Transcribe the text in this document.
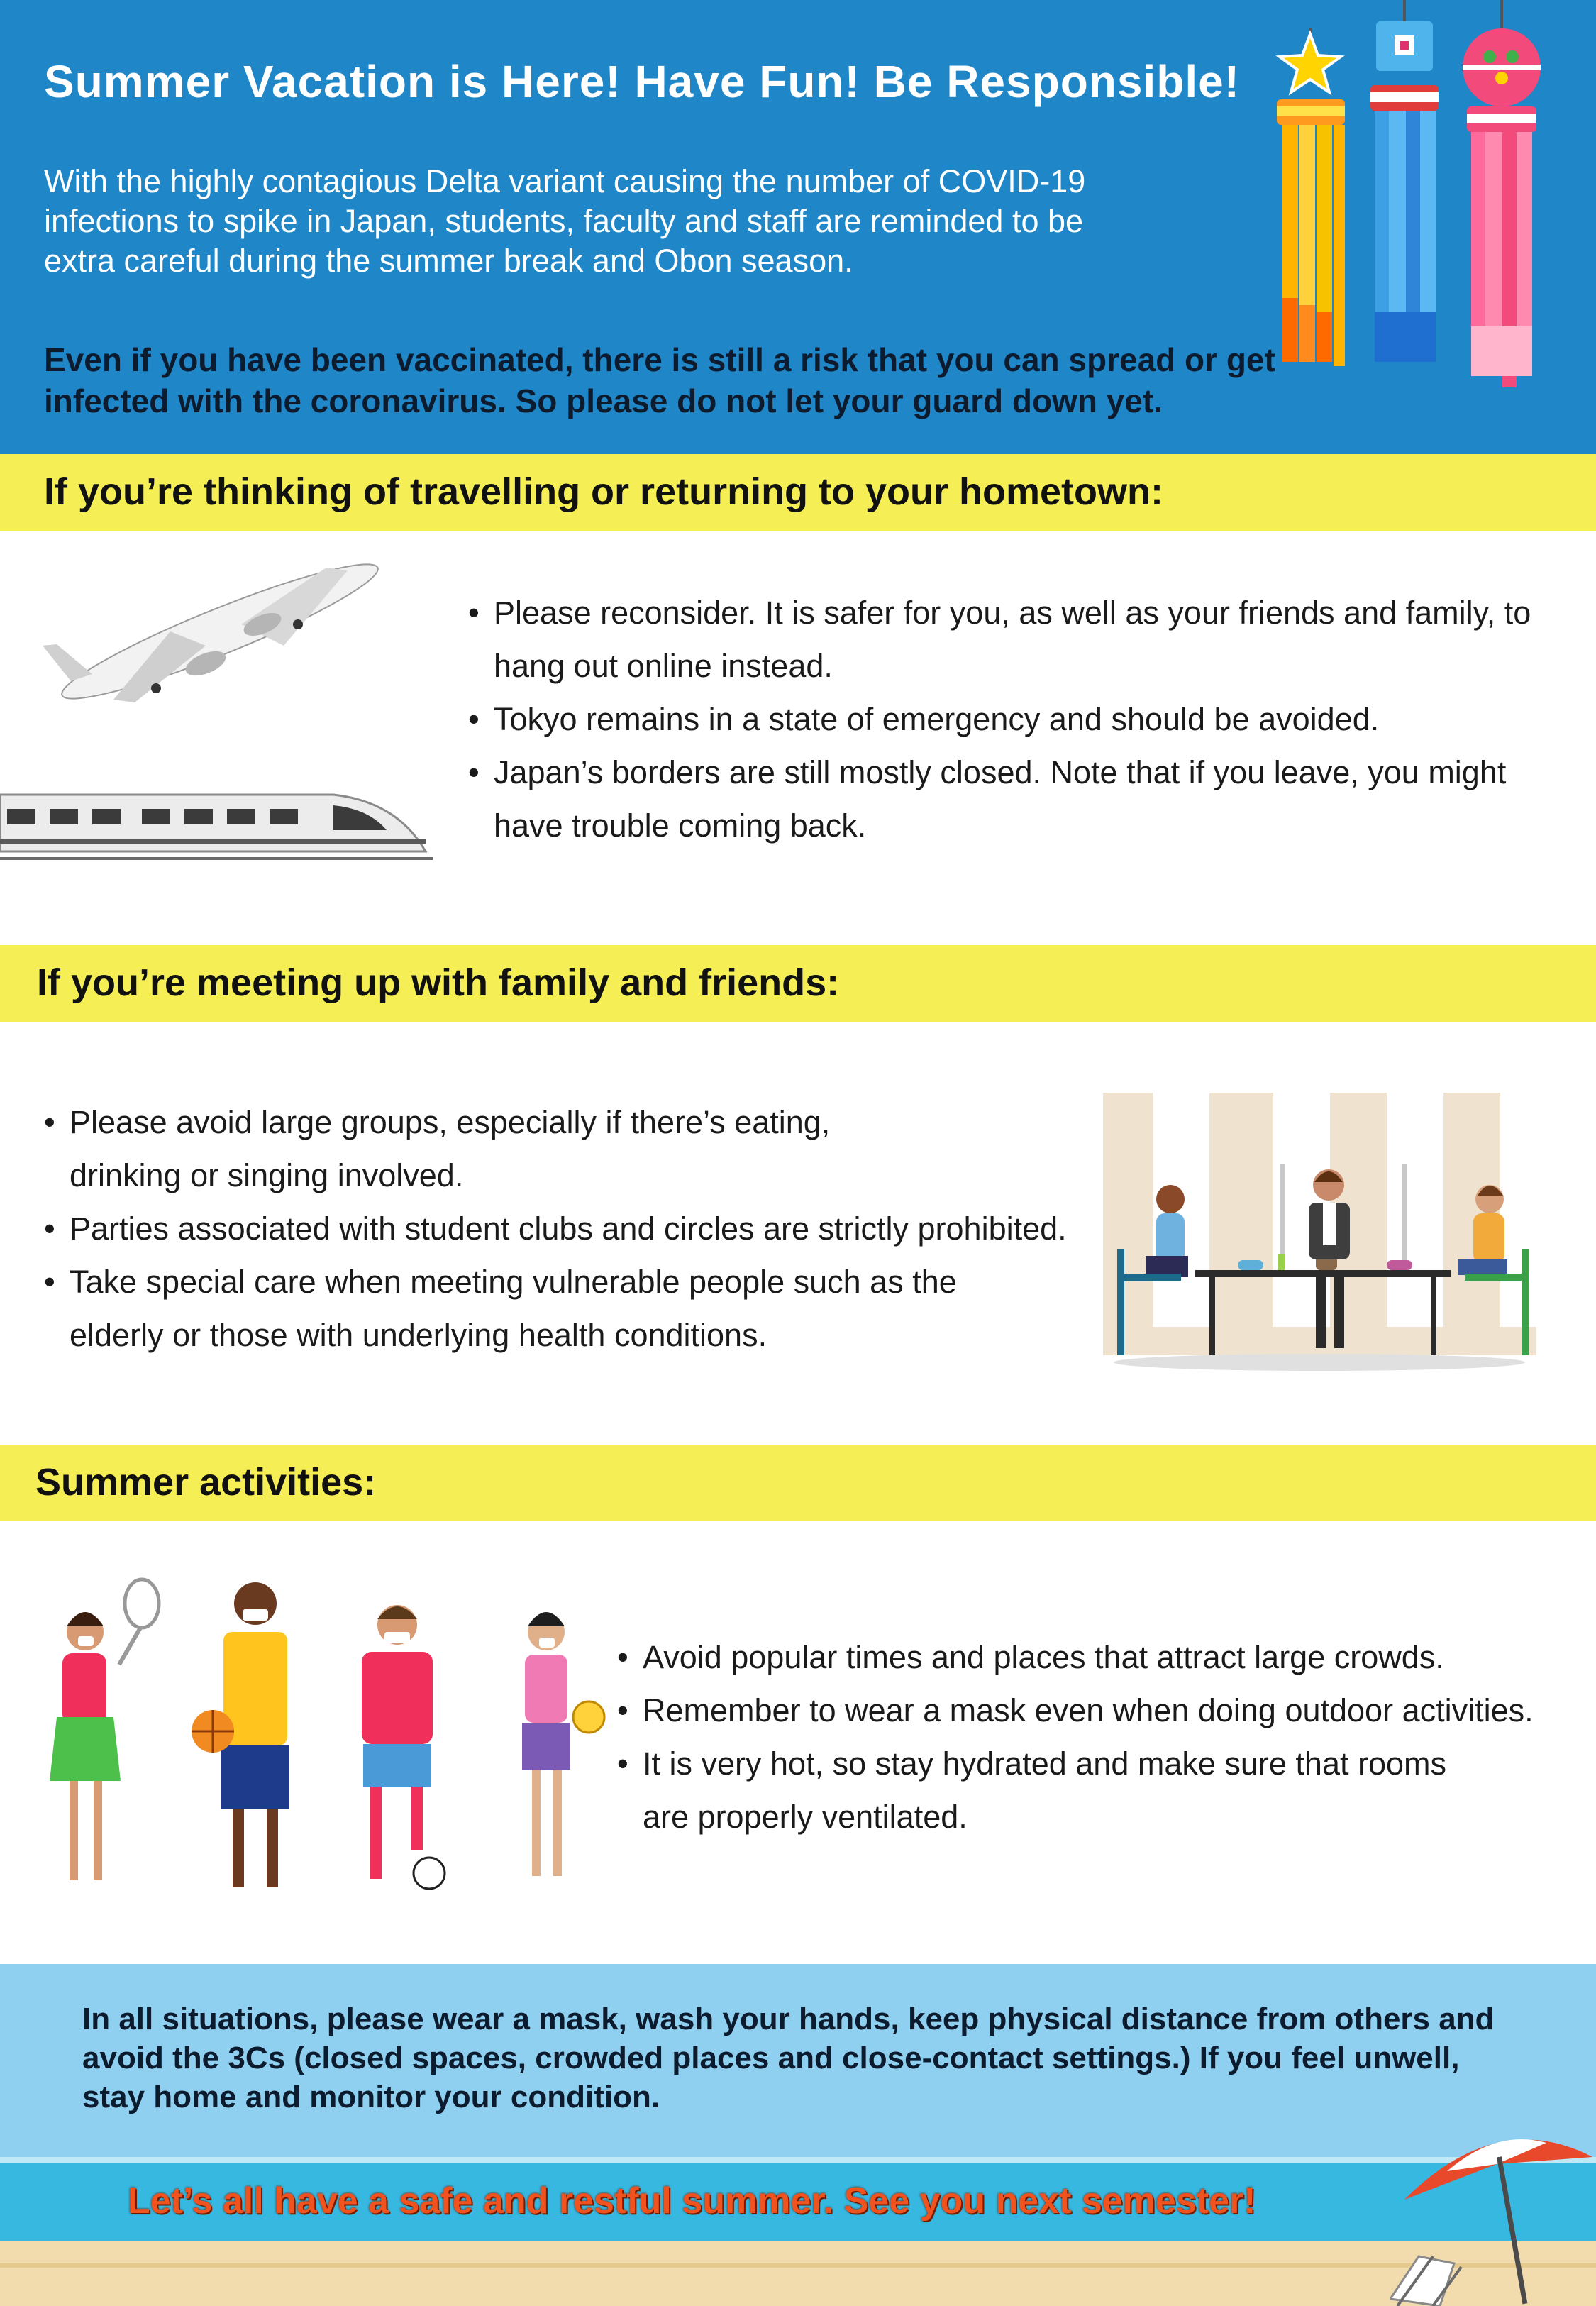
Summer Vacation is Here! Have Fun! Be Responsible!
With the highly contagious Delta variant causing the number of COVID-19 infections to spike in Japan, students, faculty and staff are reminded to be extra careful during the summer break and Obon season.
Even if you have been vaccinated, there is still a risk that you can spread or get infected with the coronavirus. So please do not let your guard down yet.
If you’re thinking of travelling or returning to your hometown:
• Please reconsider. It is safer for you, as well as your friends and family, to hang out online instead.
• Tokyo remains in a state of emergency and should be avoided.
• Japan’s borders are still mostly closed. Note that if you leave, you might have trouble coming back.
If you’re meeting up with family and friends:
• Please avoid large groups, especially if there’s eating, drinking or singing involved.
• Parties associated with student clubs and circles are strictly prohibited.
• Take special care when meeting vulnerable people such as the elderly or those with underlying health conditions.
Summer activities:
• Avoid popular times and places that attract large crowds.
• Remember to wear a mask even when doing outdoor activities.
• It is very hot, so stay hydrated and make sure that rooms are properly ventilated.
In all situations, please wear a mask, wash your hands, keep physical distance from others and avoid the 3Cs (closed spaces, crowded places and close-contact settings.) If you feel unwell, stay home and monitor your condition.
Let’s all have a safe and restful summer. See you next semester!
